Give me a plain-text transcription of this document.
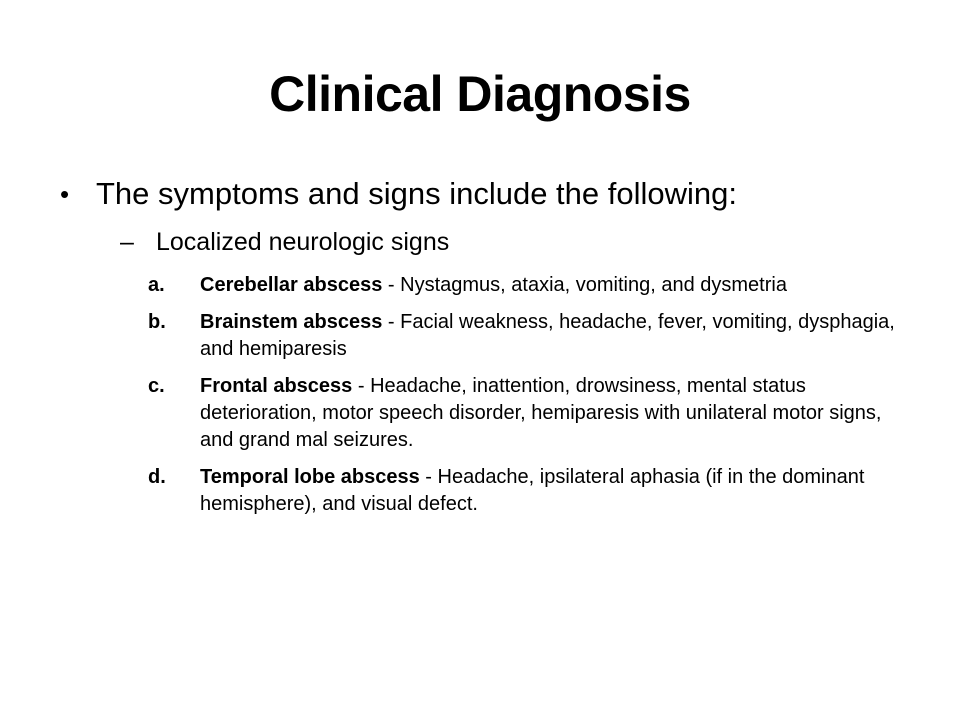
Clinical Diagnosis
• The symptoms and signs include the following:
– Localized neurologic signs
a. Cerebellar abscess - Nystagmus, ataxia, vomiting, and dysmetria
b. Brainstem abscess - Facial weakness, headache, fever, vomiting, dysphagia, and hemiparesis
c. Frontal abscess - Headache, inattention, drowsiness, mental status deterioration, motor speech disorder, hemiparesis with unilateral motor signs, and grand mal seizures.
d. Temporal lobe abscess - Headache, ipsilateral aphasia (if in the dominant hemisphere), and visual defect.
